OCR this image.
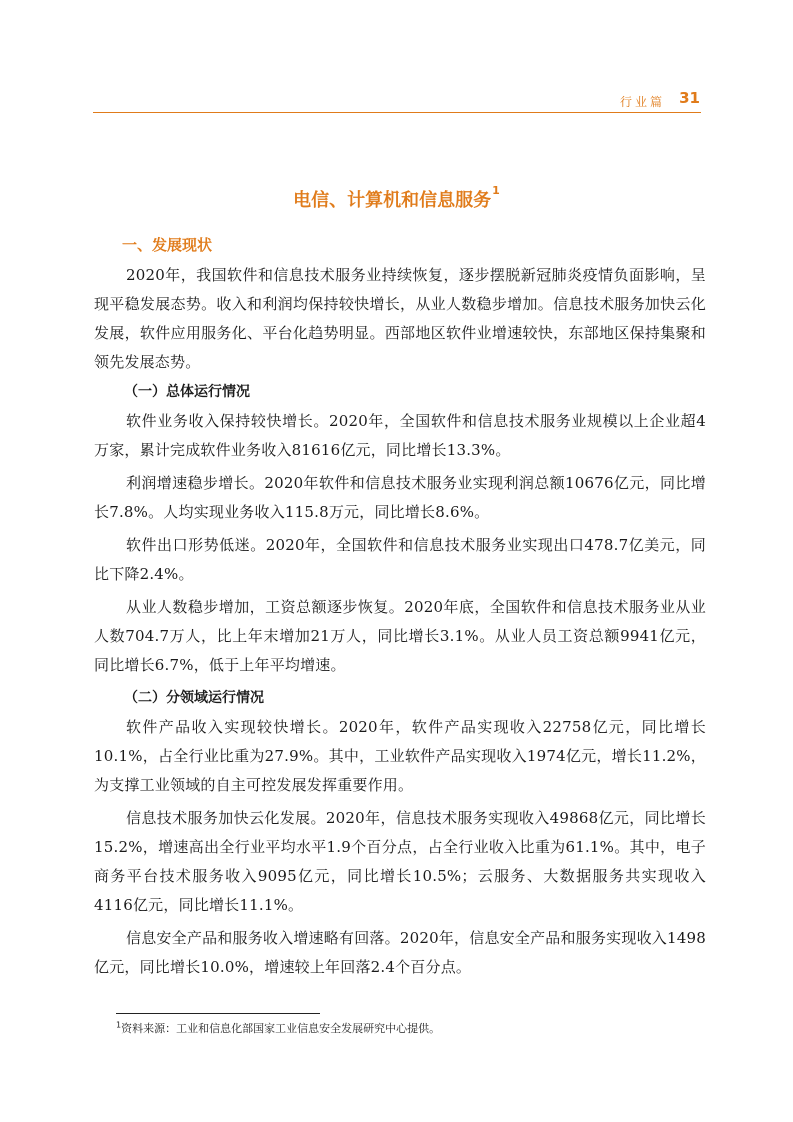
行业篇 31
电信、计算机和信息服务$^1$
一、发展现状

2020年，我国软件和信息技术服务业持续恢复，逐步摆脱新冠肺炎疫情负面影响，呈现平稳发展态势。收入和利润均保持较快增长，从业人数稳步增加。信息技术服务加快云化发展，软件应用服务化、平台化趋势明显。西部地区软件业增速较快，东部地区保持集聚和领先发展态势。

（一）总体运行情况

软件业务收入保持较快增长。2020年，全国软件和信息技术服务业规模以上企业超4万家，累计完成软件业务收入81616亿元，同比增长13.3%。

利润增速稳步增长。2020年软件和信息技术服务业实现利润总额10676亿元，同比增长7.8%。人均实现业务收入115.8万元，同比增长8.6%。

软件出口形势低迷。2020年，全国软件和信息技术服务业实现出口478.7亿美元，同比下降2.4%。

从业人数稳步增加，工资总额逐步恢复。2020年底，全国软件和信息技术服务业从业人数704.7万人，比上年末增加21万人，同比增长3.1%。从业人员工资总额9941亿元，同比增长6.7%，低于上年平均增速。

（二）分领域运行情况

软件产品收入实现较快增长。2020年，软件产品实现收入22758亿元，同比增长10.1%，占全行业比重为27.9%。其中，工业软件产品实现收入1974亿元，增长11.2%，为支撑工业领域的自主可控发展发挥重要作用。

信息技术服务加快云化发展。2020年，信息技术服务实现收入49868亿元，同比增长15.2%，增速高出全行业平均水平1.9个百分点，占全行业收入比重为61.1%。其中，电子商务平台技术服务收入9095亿元，同比增长10.5%；云服务、大数据服务共实现收入4116亿元，同比增长11.1%。

信息安全产品和服务收入增速略有回落。2020年，信息安全产品和服务实现收入1498亿元，同比增长10.0%，增速较上年回落2.4个百分点。

$^1$资料来源：工业和信息化部国家工业信息安全发展研究中心提供。
